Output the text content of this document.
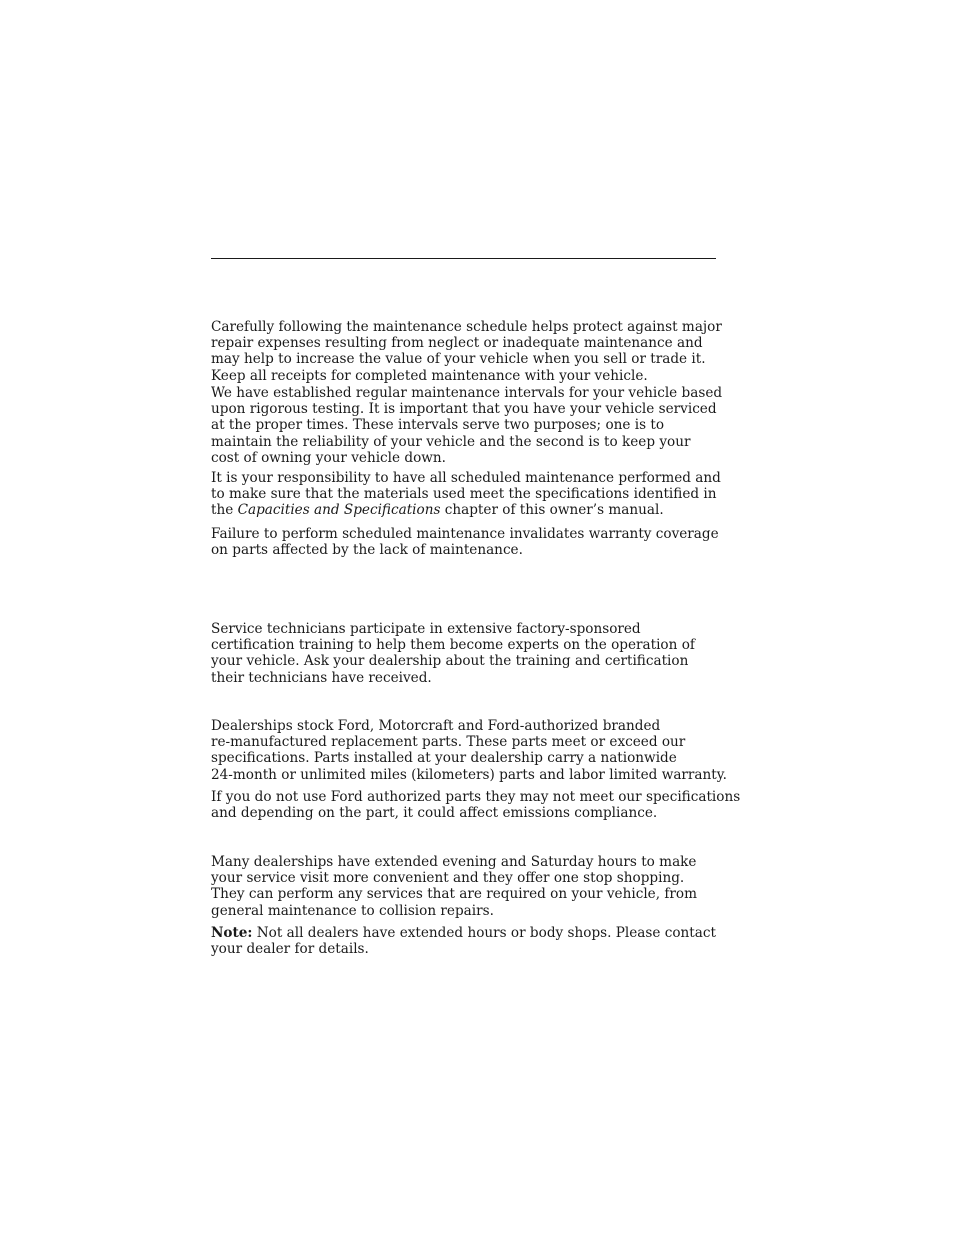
Carefully following the maintenance schedule helps protect against major
repair expenses resulting from neglect or inadequate maintenance and
may help to increase the value of your vehicle when you sell or trade it.
Keep all receipts for completed maintenance with your vehicle.

We have established regular maintenance intervals for your vehicle based
upon rigorous testing. It is important that you have your vehicle serviced
at the proper times. These intervals serve two purposes; one is to
maintain the reliability of your vehicle and the second is to keep your
cost of owning your vehicle down.

It is your responsibility to have all scheduled maintenance performed and
to make sure that the materials used meet the specifications identified in
the Capacities and Specifications chapter of this owner’s manual.

Failure to perform scheduled maintenance invalidates warranty coverage
on parts affected by the lack of maintenance.

Service technicians participate in extensive factory-sponsored
certification training to help them become experts on the operation of
your vehicle. Ask your dealership about the training and certification
their technicians have received.

Dealerships stock Ford, Motorcraft and Ford-authorized branded
re-manufactured replacement parts. These parts meet or exceed our
specifications. Parts installed at your dealership carry a nationwide
24-month or unlimited miles (kilometers) parts and labor limited warranty.

If you do not use Ford authorized parts they may not meet our specifications
and depending on the part, it could affect emissions compliance.

Many dealerships have extended evening and Saturday hours to make
your service visit more convenient and they offer one stop shopping.
They can perform any services that are required on your vehicle, from
general maintenance to collision repairs.

Note: Not all dealers have extended hours or body shops. Please contact
your dealer for details.
